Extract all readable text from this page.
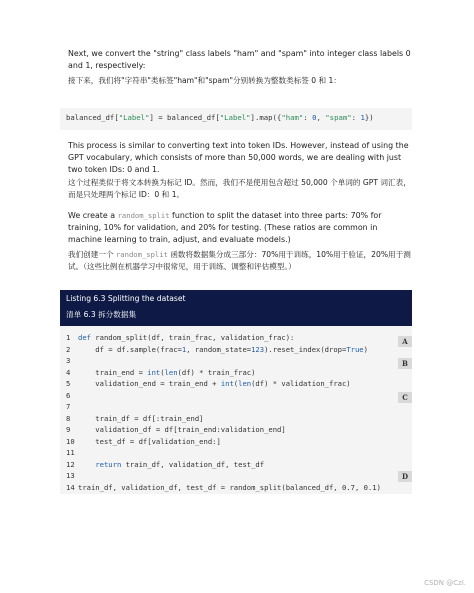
Next, we convert the "string" class labels "ham" and "spam" into integer class labels 0 and 1, respectively:

接下来，我们将"字符串"类标签"ham"和"spam"分别转换为整数类标签 0 和 1：

balanced_df["Label"] = balanced_df["Label"].map({"ham": 0, "spam": 1})

This process is similar to converting text into token IDs. However, instead of using the GPT vocabulary, which consists of more than 50,000 words, we are dealing with just two token IDs: 0 and 1.

这个过程类似于将文本转换为标记 ID。然而，我们不是使用包含超过 50,000 个单词的 GPT 词汇表，而是只处理两个标记 ID：0 和 1。

We create a random_split function to split the dataset into three parts: 70% for training, 10% for validation, and 20% for testing. (These ratios are common in machine learning to train, adjust, and evaluate models.)

我们创建一个 random_split 函数将数据集分成三部分：70%用于训练，10%用于验证，20%用于测试。（这些比例在机器学习中很常见，用于训练、调整和评估模型。）

Listing 6.3 Splitting the dataset
清单 6.3 拆分数据集
1	def random_split(df, train_frac, validation_frac):
2	df = df.sample(frac=1, random_state=123).reset_index(drop=True)
3
4	train_end = int(len(df) * train_frac)
5	validation_end = train_end + int(len(df) * validation_frac)
6
7
8	train_df = df[:train_end]
9	validation_df = df[train_end:validation_end]
10 test_df = df[validation_end:]
11
12	return train_df, validation_df, test_df
13
14 train_df, validation_df, test_df = random_split(balanced_df, 0.7, 0.1)
A
B
C
D
CSDN @Czl.
